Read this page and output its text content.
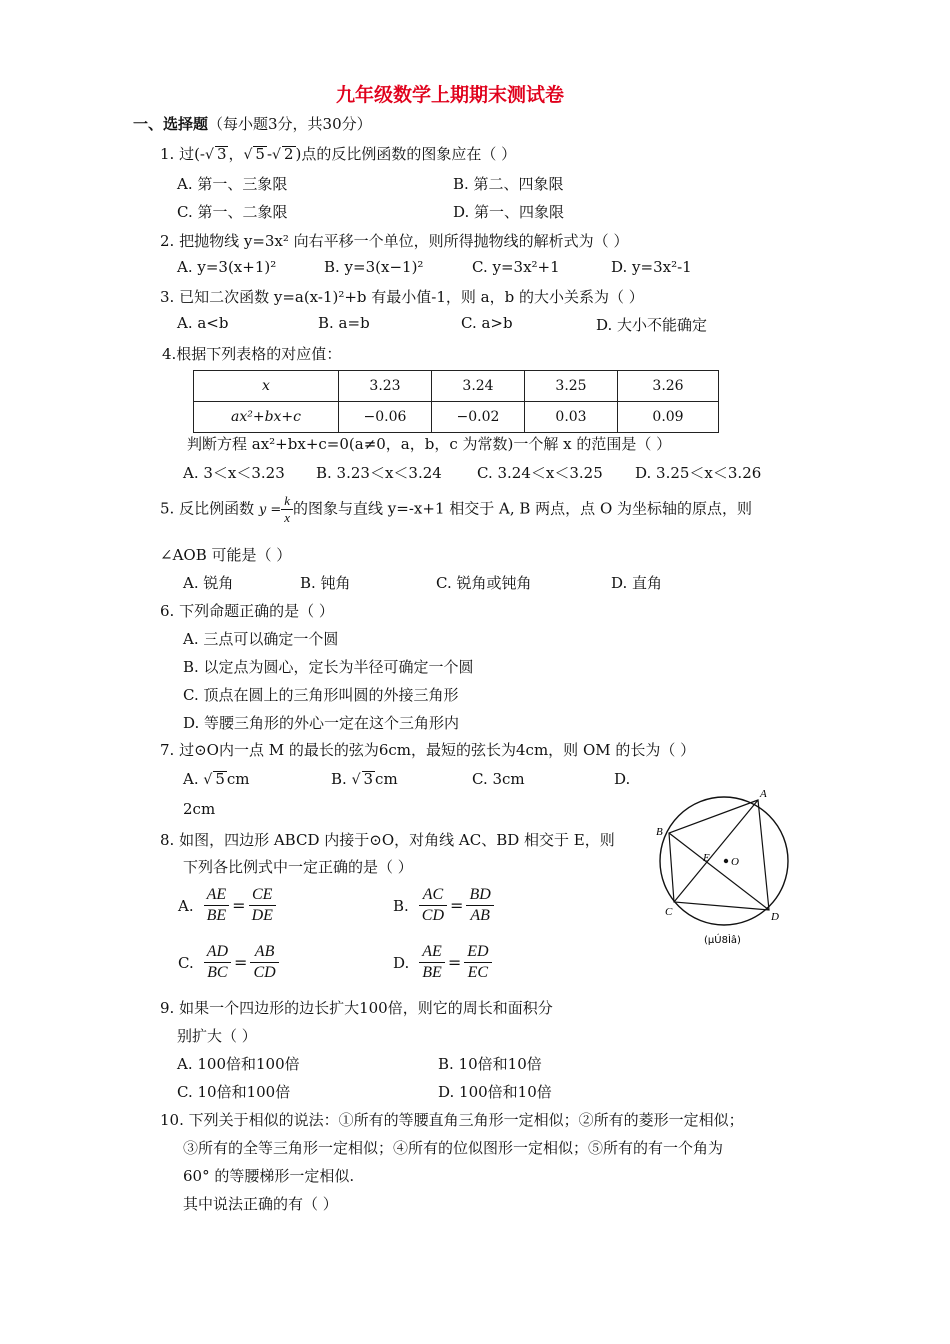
九年级数学上期期末测试卷
一、选择题（每小题3分，共30分）
1. 过(-√ 3 ，√ 5 -√ 2 )点的反比例函数的图象应在（ ）
A. 第一、三象限	B. 第二、四象限
C. 第一、二象限	D. 第一、四象限
2. 把抛物线 y=3x² 向右平移一个单位，则所得抛物线的解析式为（ ）
A. y=3(x+1)²	B. y=3(x−1)²	C. y=3x²+1	D. y=3x²-1
3. 已知二次函数 y=a(x-1)²+b 有最小值-1，则 a，b 的大小关系为（ ）
A. a<b	B. a=b	C. a>b	D. 大小不能确定
4.根据下列表格的对应值：
x	3.23	3.24	3.25	3.26
ax²+bx+c	−0.06	−0.02	0.03	0.09
判断方程 ax²+bx+c=0(a≠0，a，b，c 为常数)一个解 x 的范围是（ ）
A. 3＜x＜3.23 B. 3.23＜x＜3.24 C. 3.24＜x＜3.25 D. 3.25＜x＜3.26
5. 反比例函数 $y = \frac{k}{x}$ 的图象与直线 y=-x+1 相交于 A, B 两点，点 O 为坐标轴的原点，则
∠AOB 可能是（ ）
A. 锐角	B. 钝角	C. 锐角或钝角	D. 直角
6. 下列命题正确的是（ ）
A. 三点可以确定一个圆
B. 以定点为圆心，定长为半径可确定一个圆
C. 顶点在圆上的三角形叫圆的外接三角形
D. 等腰三角形的外心一定在这个三角形内
7. 过⊙O内一点 M 的最长的弦为6cm，最短的弦长为4cm，则 OM 的长为（ ）
A. √ 5 cm	B. √ 3 cm	C. 3cm	D.
2cm
8. 如图，四边形 ABCD 内接于⊙O，对角线 AC、BD 相交于 E，则
下列各比例式中一定正确的是（ ）
A. $\frac{AE}{BE} = \frac{CE}{DE}$	B. $\frac{AC}{CD} = \frac{BD}{AB}$
C. $\frac{AD}{BC} = \frac{AB}{CD}$	D. $\frac{AE}{BE} = \frac{ED}{EC}$
A
B
C	D
E O
(µÚ8Ìâ)
9. 如果一个四边形的边长扩大100倍，则它的周长和面积分
别扩大（ ）
A. 100倍和100倍	B. 10倍和10倍
C. 10倍和100倍	D. 100倍和10倍
10. 下列关于相似的说法：①所有的等腰直角三角形一定相似；②所有的菱形一定相似；
③所有的全等三角形一定相似；④所有的位似图形一定相似；⑤所有的有一个角为
60° 的等腰梯形一定相似.
其中说法正确的有（ ）
